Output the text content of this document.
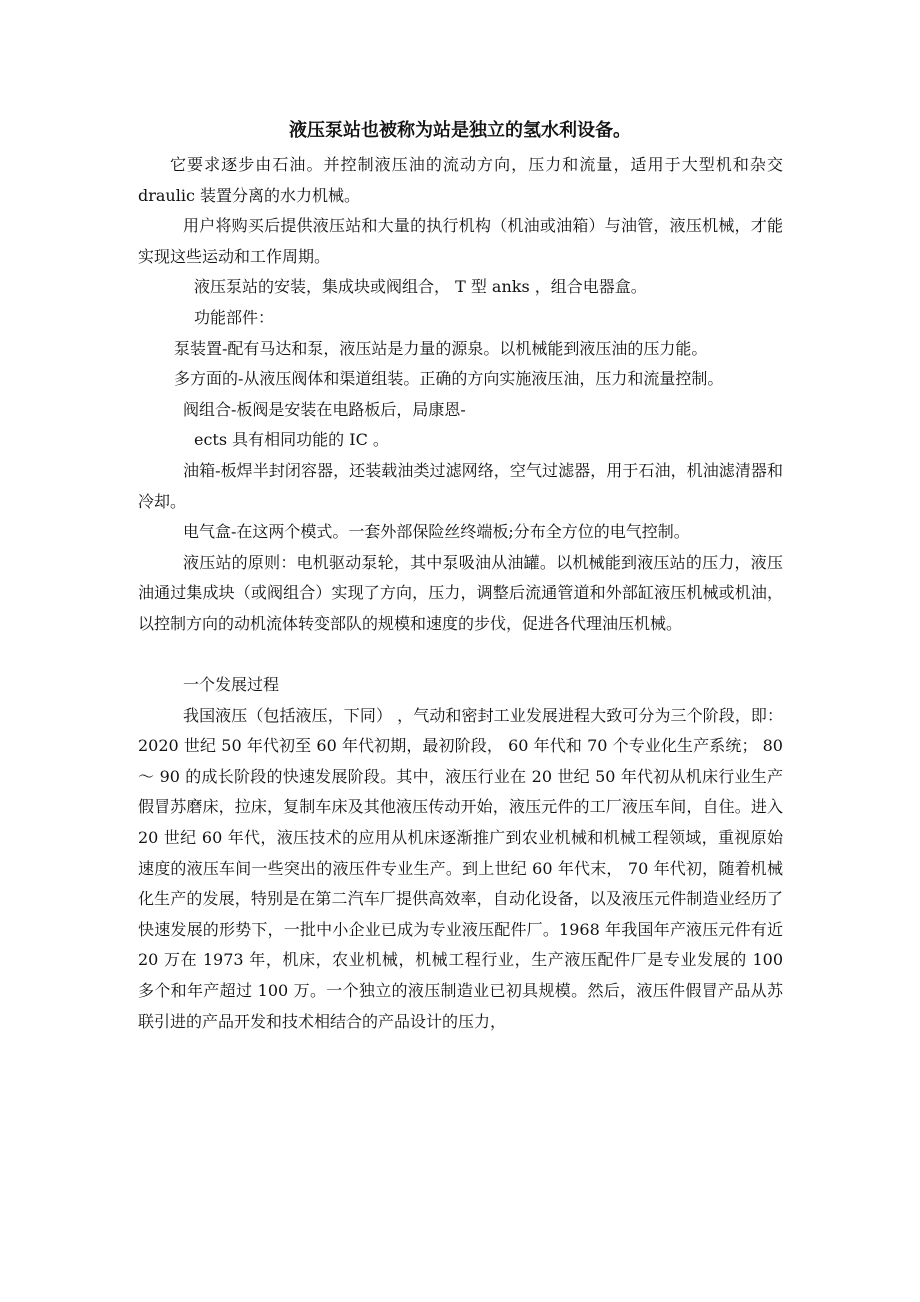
液压泵站也被称为站是独立的氢水利设备。

它要求逐步由石油。并控制液压油的流动方向，压力和流量，适用于大型机和杂交 draulic 装置分离的水力机械。

用户将购买后提供液压站和大量的执行机构（机油或油箱）与油管，液压机械，才能实现这些运动和工作周期。

液压泵站的安装，集成块或阀组合， T 型 anks ，组合电器盒。

功能部件：

泵装置-配有马达和泵，液压站是力量的源泉。以机械能到液压油的压力能。

多方面的-从液压阀体和渠道组装。正确的方向实施液压油，压力和流量控制。

阀组合-板阀是安装在电路板后，局康恩-

ects 具有相同功能的 IC 。

油箱-板焊半封闭容器，还装载油类过滤网络，空气过滤器，用于石油，机油滤清器和冷却。

电气盒-在这两个模式。一套外部保险丝终端板;分布全方位的电气控制。

液压站的原则：电机驱动泵轮，其中泵吸油从油罐。以机械能到液压站的压力，液压油通过集成块（或阀组合）实现了方向，压力，调整后流通管道和外部缸液压机械或机油，以控制方向的动机流体转变部队的规模和速度的步伐，促进各代理油压机械。

一个发展过程

我国液压（包括液压，下同） ，气动和密封工业发展进程大致可分为三个阶段，即：2020 世纪 50 年代初至 60 年代初期，最初阶段， 60 年代和 70 个专业化生产系统； 80 〜 90 的成长阶段的快速发展阶段。其中，液压行业在 20 世纪 50 年代初从机床行业生产假冒苏磨床，拉床，复制车床及其他液压传动开始，液压元件的工厂液压车间，自住。进入 20 世纪 60 年代，液压技术的应用从机床逐渐推广到农业机械和机械工程领域，重视原始速度的液压车间一些突出的液压件专业生产。到上世纪 60 年代末， 70 年代初，随着机械化生产的发展，特别是在第二汽车厂提供高效率，自动化设备，以及液压元件制造业经历了快速发展的形势下，一批中小企业已成为专业液压配件厂。1968 年我国年产液压元件有近 20 万在 1973 年，机床，农业机械，机械工程行业，生产液压配件厂是专业发展的 100 多个和年产超过 100 万。一个独立的液压制造业已初具规模。然后，液压件假冒产品从苏联引进的产品开发和技术相结合的产品设计的压力，
